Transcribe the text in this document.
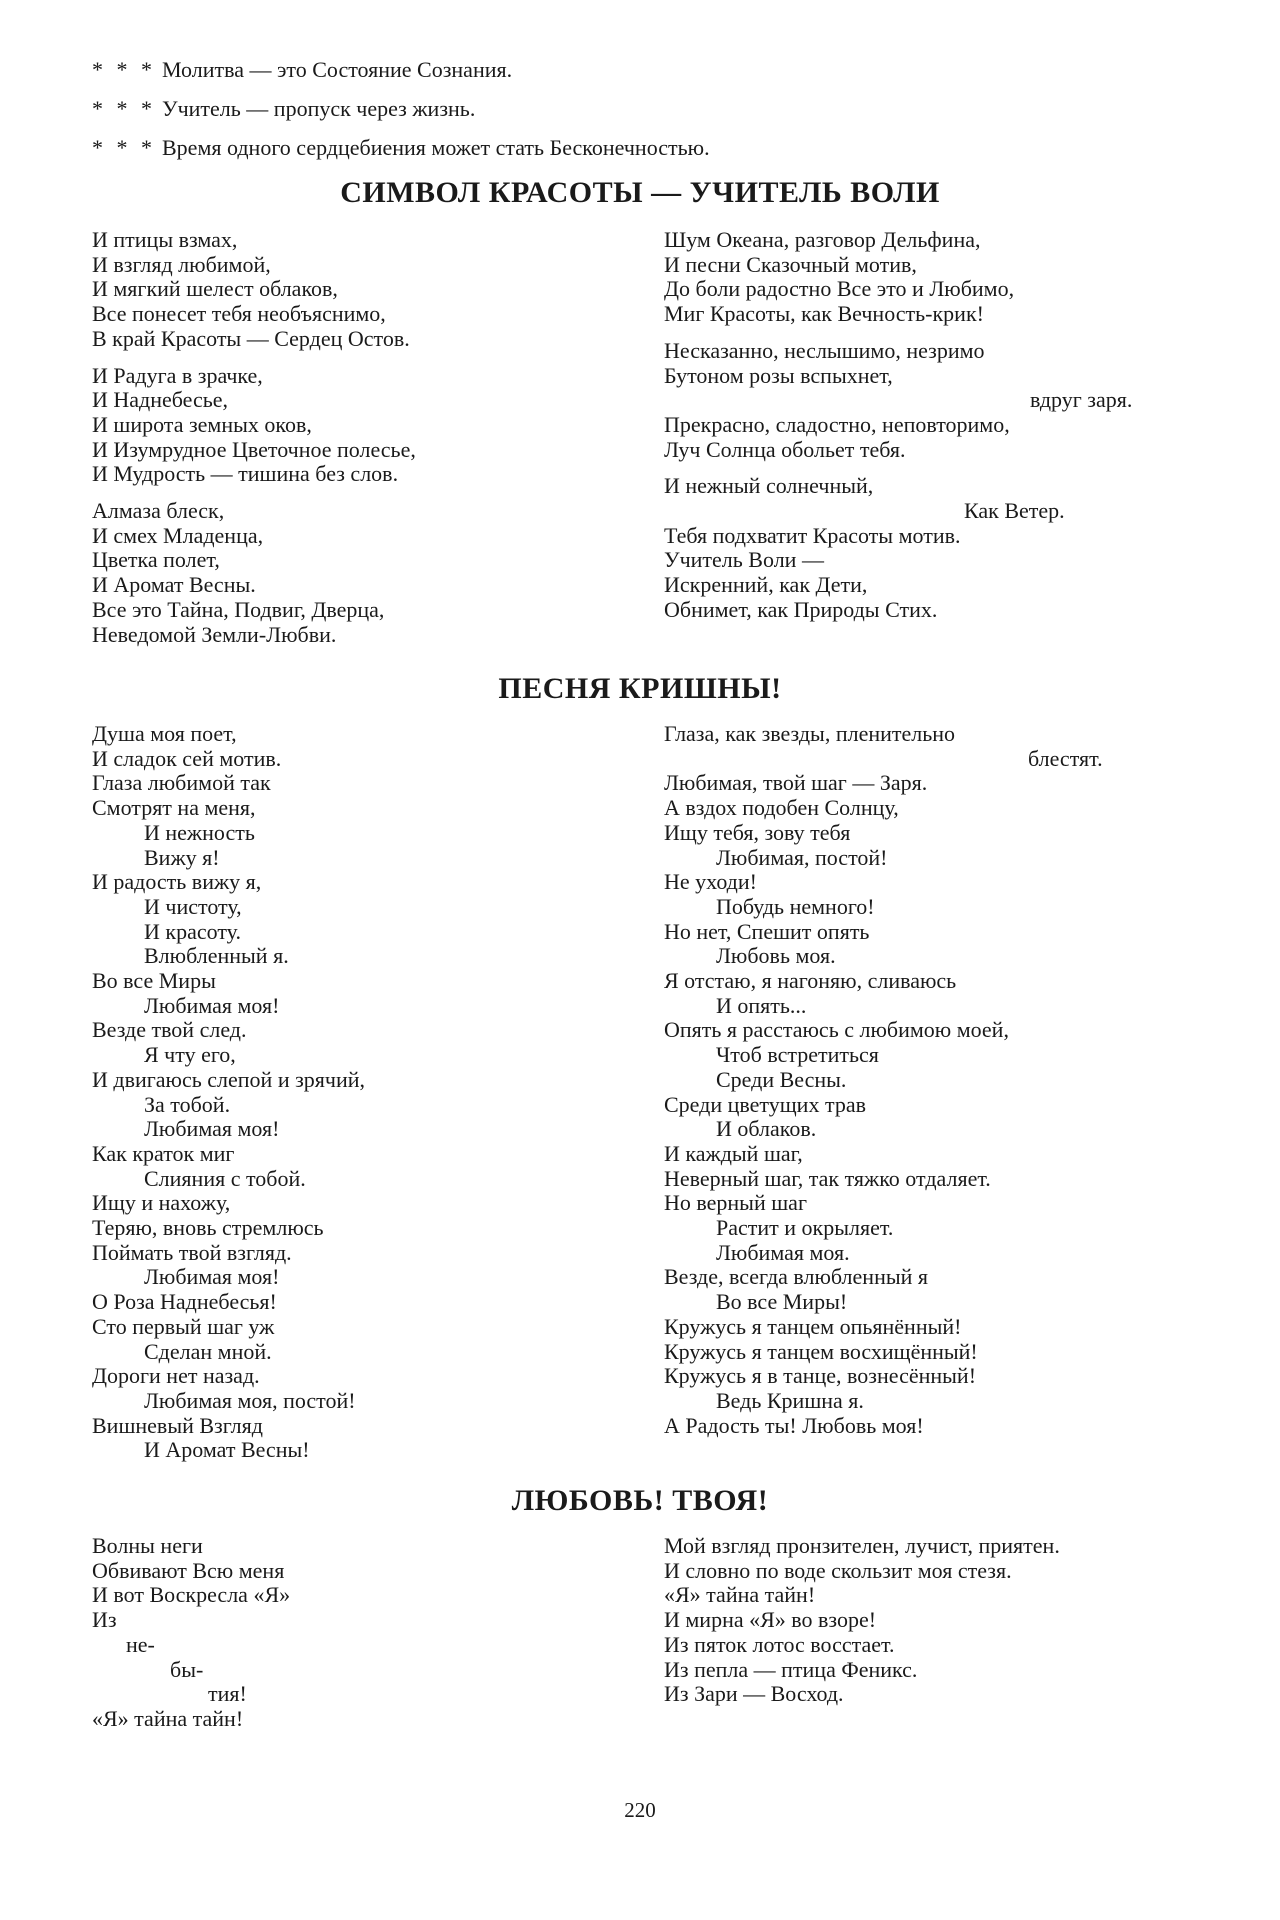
* * * Молитва — это Состояние Сознания.
* * * Учитель — пропуск через жизнь.
* * * Время одного сердцебиения может стать Бесконечностью.
СИМВОЛ КРАСОТЫ — УЧИТЕЛЬ ВОЛИ
И птицы взмах,
И взгляд любимой,
И мягкий шелест облаков,
Все понесет тебя необъяснимо,
В край Красоты — Сердец Остов.
И Радуга в зрачке,
И Наднебесье,
И широта земных оков,
И Изумрудное Цветочное полесье,
И Мудрость — тишина без слов.
Алмаза блеск,
И смех Младенца,
Цветка полет,
И Аромат Весны.
Все это Тайна, Подвиг, Дверца,
Неведомой Земли-Любви.
Шум Океана, разговор Дельфина,
И песни Сказочный мотив,
До боли радостно Все это и Любимо,
Миг Красоты, как Вечность-крик!
Несказанно, неслышимо, незримо
Бутоном розы вспыхнет,
вдруг заря.
Прекрасно, сладостно, неповторимо,
Луч Солнца обольет тебя.
И нежный солнечный,
Как Ветер.
Тебя подхватит Красоты мотив.
Учитель Воли —
Искренний, как Дети,
Обнимет, как Природы Стих.
ПЕСНЯ КРИШНЫ!
Душа моя поет,
И сладок сей мотив.
Глаза любимой так
Смотрят на меня,
И нежность
Вижу я!
И радость вижу я,
И чистоту,
И красоту.
Влюбленный я.
Во все Миры
Любимая моя!
Везде твой след.
Я чту его,
И двигаюсь слепой и зрячий,
За тобой.
Любимая моя!
Как краток миг
Слияния с тобой.
Ищу и нахожу,
Теряю, вновь стремлюсь
Поймать твой взгляд.
Любимая моя!
О Роза Наднебесья!
Сто первый шаг уж
Сделан мной.
Дороги нет назад.
Любимая моя, постой!
Вишневый Взгляд
И Аромат Весны!
Глаза, как звезды, пленительно
блестят.
Любимая, твой шаг — Заря.
А вздох подобен Солнцу,
Ищу тебя, зову тебя
Любимая, постой!
Не уходи!
Побудь немного!
Но нет, Спешит опять
Любовь моя.
Я отстаю, я нагоняю, сливаюсь
И опять...
Опять я расстаюсь с любимою моей,
Чтоб встретиться
Среди Весны.
Среди цветущих трав
И облаков.
И каждый шаг,
Неверный шаг, так тяжко отдаляет.
Но верный шаг
Растит и окрыляет.
Любимая моя.
Везде, всегда влюбленный я
Во все Миры!
Кружусь я танцем опьянённый!
Кружусь я танцем восхищённый!
Кружусь я в танце, вознесённый!
Ведь Кришна я.
А Радость ты! Любовь моя!
ЛЮБОВЬ! ТВОЯ!
Волны неги
Обвивают Всю меня
И вот Воскресла «Я»
Из
не-
бы-
тия!
«Я» тайна тайн!
Мой взгляд пронзителен, лучист, приятен.
И словно по воде скользит моя стезя.
«Я» тайна тайн!
И мирна «Я» во взоре!
Из пяток лотос восстает.
Из пепла — птица Феникс.
Из Зари — Восход.
220
